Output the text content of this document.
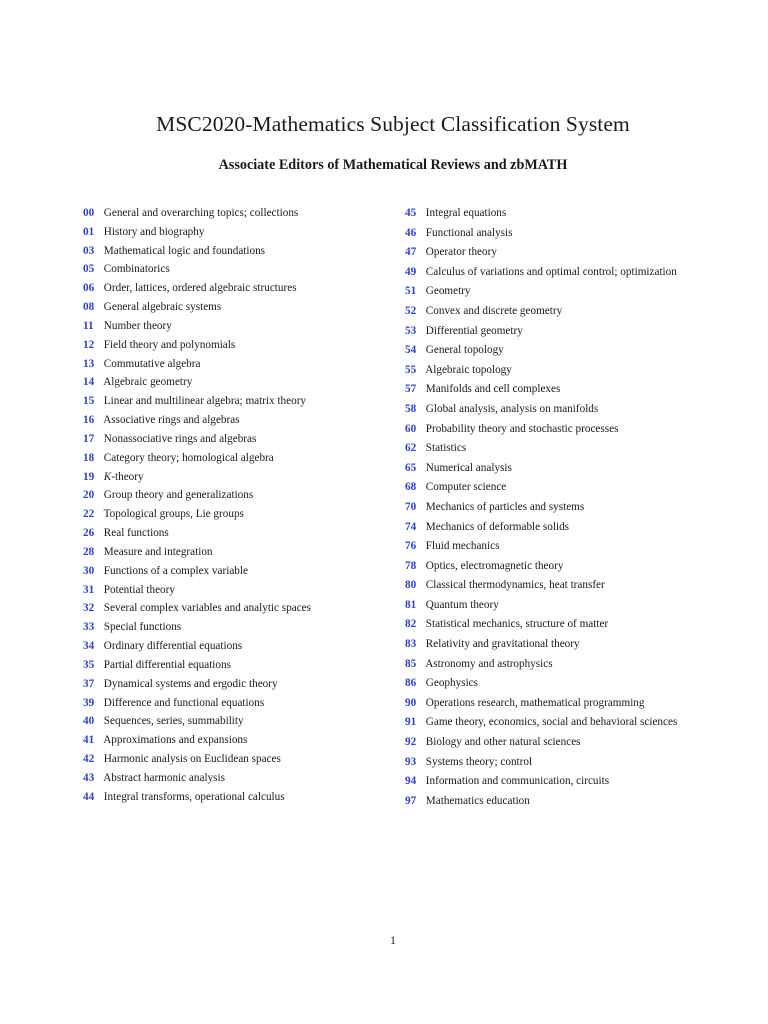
MSC2020-Mathematics Subject Classification System
Associate Editors of Mathematical Reviews and zbMATH
00 General and overarching topics; collections
01 History and biography
03 Mathematical logic and foundations
05 Combinatorics
06 Order, lattices, ordered algebraic structures
08 General algebraic systems
11 Number theory
12 Field theory and polynomials
13 Commutative algebra
14 Algebraic geometry
15 Linear and multilinear algebra; matrix theory
16 Associative rings and algebras
17 Nonassociative rings and algebras
18 Category theory; homological algebra
19 K-theory
20 Group theory and generalizations
22 Topological groups, Lie groups
26 Real functions
28 Measure and integration
30 Functions of a complex variable
31 Potential theory
32 Several complex variables and analytic spaces
33 Special functions
34 Ordinary differential equations
35 Partial differential equations
37 Dynamical systems and ergodic theory
39 Difference and functional equations
40 Sequences, series, summability
41 Approximations and expansions
42 Harmonic analysis on Euclidean spaces
43 Abstract harmonic analysis
44 Integral transforms, operational calculus
45 Integral equations
46 Functional analysis
47 Operator theory
49 Calculus of variations and optimal control; optimization
51 Geometry
52 Convex and discrete geometry
53 Differential geometry
54 General topology
55 Algebraic topology
57 Manifolds and cell complexes
58 Global analysis, analysis on manifolds
60 Probability theory and stochastic processes
62 Statistics
65 Numerical analysis
68 Computer science
70 Mechanics of particles and systems
74 Mechanics of deformable solids
76 Fluid mechanics
78 Optics, electromagnetic theory
80 Classical thermodynamics, heat transfer
81 Quantum theory
82 Statistical mechanics, structure of matter
83 Relativity and gravitational theory
85 Astronomy and astrophysics
86 Geophysics
90 Operations research, mathematical programming
91 Game theory, economics, social and behavioral sciences
92 Biology and other natural sciences
93 Systems theory; control
94 Information and communication, circuits
97 Mathematics education
1
